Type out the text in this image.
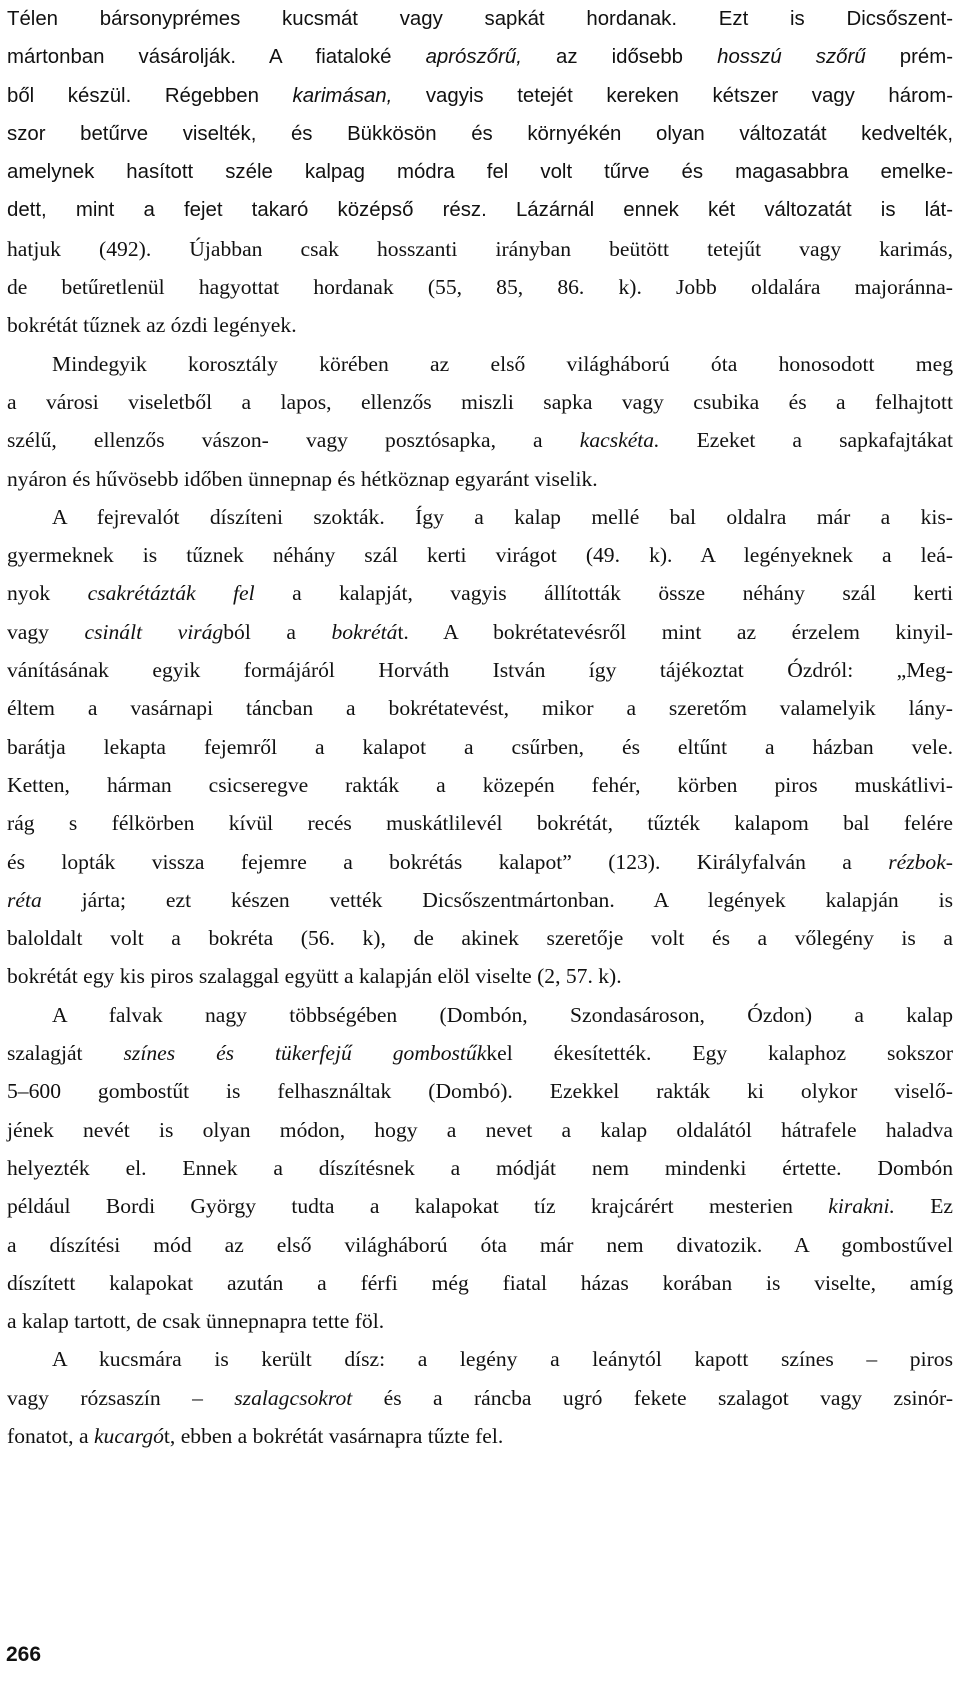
Télen bársonyprémes kucsmát vagy sapkát hordanak. Ezt is Dicsőszent-
mártonban vásárolják. A fiataloké aprószőrű, az idősebb hosszú szőrű prém-
ből készül. Régebben karimásan, vagyis tetejét kereken kétszer vagy három-
szor betűrve viselték, és Bükkösön és környékén olyan változatát kedvelték,
amelynek hasított széle kalpag módra fel volt tűrve és magasabbra emelke-
dett, mint a fejet takaró középső rész. Lázárnál ennek két változatát is lát-
hatjuk (492). Újabban csak hosszanti irányban beütött tetejűt vagy karimás,
de betűretlenül hagyottat hordanak (55, 85, 86. k). Jobb oldalára majoránna-
bokrétát tűznek az ózdi legények.
Mindegyik korosztály körében az első világháború óta honosodott meg
a városi viseletből a lapos, ellenzős miszli sapka vagy csubika és a felhajtott
szélű, ellenzős vászon- vagy posztósapka, a kacskéta. Ezeket a sapkafajtákat
nyáron és hűvösebb időben ünnepnap és hétköznap egyaránt viselik.
A fejrevalót díszíteni szokták. Így a kalap mellé bal oldalra már a kis-
gyermeknek is tűznek néhány szál kerti virágot (49. k). A legényeknek a leá-
nyok csakrétázták fel a kalapját, vagyis állították össze néhány szál kerti
vagy csinált virágból a bokrétát. A bokrétatevésről mint az érzelem kinyil-
vánításának egyik formájáról Horváth István így tájékoztat Ózdról: „Meg-
éltem a vasárnapi táncban a bokrétatevést, mikor a szeretőm valamelyik lány-
barátja lekapta fejemről a kalapot a csűrben, és eltűnt a házban vele.
Ketten, hárman csicseregve rakták a közepén fehér, körben piros muskátlivi-
rág s félkörben kívül recés muskátlilevél bokrétát, tűzték kalapom bal felére
és lopták vissza fejemre a bokrétás kalapot” (123). Királyfalván a rézbok-
réta járta; ezt készen vették Dicsőszentmártonban. A legények kalapján is
baloldalt volt a bokréta (56. k), de akinek szeretője volt és a vőlegény is a
bokrétát egy kis piros szalaggal együtt a kalapján elöl viselte (2, 57. k).
A falvak nagy többségében (Dombón, Szondasároson, Ózdon) a kalap
szalagját színes és tükerfejű gombostűkkel ékesítették. Egy kalaphoz sokszor
5–600 gombostűt is felhasználtak (Dombó). Ezekkel rakták ki olykor viselő-
jének nevét is olyan módon, hogy a nevet a kalap oldalától hátrafele haladva
helyezték el. Ennek a díszítésnek a módját nem mindenki értette. Dombón
például Bordi György tudta a kalapokat tíz krajcárért mesterien kirakni. Ez
a díszítési mód az első világháború óta már nem divatozik. A gombostűvel
díszített kalapokat azután a férfi még fiatal házas korában is viselte, amíg
a kalap tartott, de csak ünnepnapra tette föl.
A kucsmára is került dísz: a legény a leánytól kapott színes – piros
vagy rózsaszín – szalagcsokrot és a ráncba ugró fekete szalagot vagy zsinór-
fonatot, a kucargót, ebben a bokrétát vasárnapra tűzte fel.
266
